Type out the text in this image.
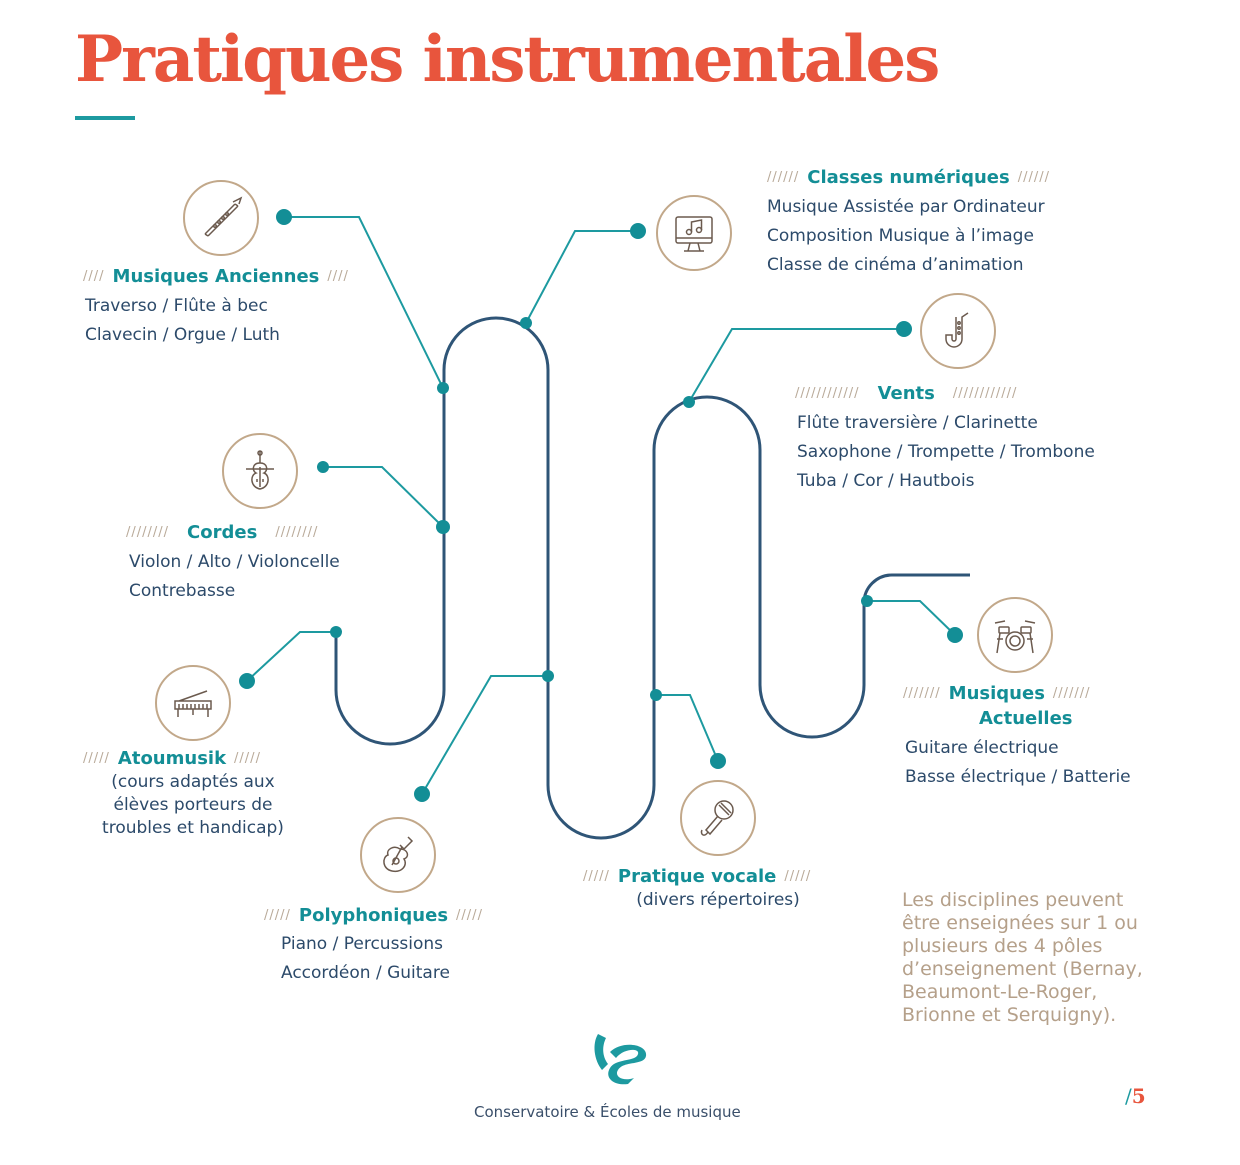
Pratiques instrumentales
//// Musiques Anciennes ////
Traverso / Flûte à bec
Clavecin / Orgue / Luth
////// Classes numériques //////
Musique Assistée par Ordinateur
Composition Musique à l’image
Classe de cinéma d’animation
//////////// Vents ////////////
Flûte traversière / Clarinette
Saxophone / Trompette / Trombone
Tuba / Cor / Hautbois
//////// Cordes ////////
Violon / Alto / Violoncelle
Contrebasse
/////// Musiques ///////
Actuelles
Guitare électrique
Basse électrique / Batterie
///// Atoumusik /////
(cours adaptés aux
élèves porteurs de
troubles et handicap)
///// Pratique vocale /////
(divers répertoires)
///// Polyphoniques /////
Piano / Percussions
Accordéon / Guitare
Les disciplines peuvent
être enseignées sur 1 ou
plusieurs des 4 pôles
d’enseignement (Bernay,
Beaumont-Le-Roger,
Brionne et Serquigny).
Conservatoire & Écoles de musique
/5
